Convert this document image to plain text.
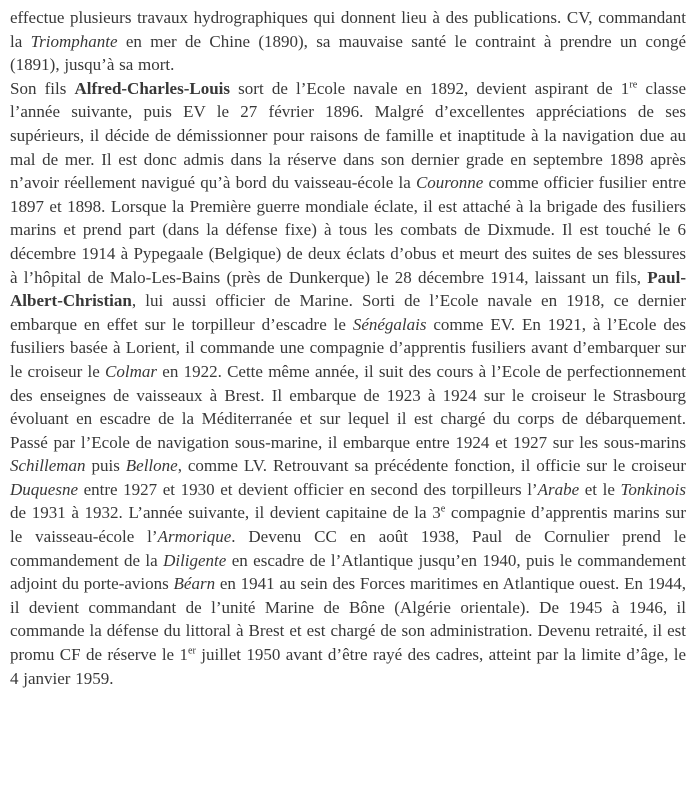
effectue plusieurs travaux hydrographiques qui donnent lieu à des publications. CV, commandant la Triomphante en mer de Chine (1890), sa mauvaise santé le contraint à prendre un congé (1891), jusqu’à sa mort.

Son fils Alfred-Charles-Louis sort de l’Ecole navale en 1892, devient aspirant de 1re classe l’année suivante, puis EV le 27 février 1896. Malgré d’excellentes appréciations de ses supérieurs, il décide de démissionner pour raisons de famille et inaptitude à la navigation due au mal de mer. Il est donc admis dans la réserve dans son dernier grade en septembre 1898 après n’avoir réellement navigué qu’à bord du vaisseau-école la Couronne comme officier fusilier entre 1897 et 1898. Lorsque la Première guerre mondiale éclate, il est attaché à la brigade des fusiliers marins et prend part (dans la défense fixe) à tous les combats de Dixmude. Il est touché le 6 décembre 1914 à Pypegaale (Belgique) de deux éclats d’obus et meurt des suites de ses blessures à l’hôpital de Malo-Les-Bains (près de Dunkerque) le 28 décembre 1914, laissant un fils, Paul-Albert-Christian, lui aussi officier de Marine. Sorti de l’Ecole navale en 1918, ce dernier embarque en effet sur le torpilleur d’escadre le Sénégalais comme EV. En 1921, à l’Ecole des fusiliers basée à Lorient, il commande une compagnie d’apprentis fusiliers avant d’embarquer sur le croiseur le Colmar en 1922. Cette même année, il suit des cours à l’Ecole de perfectionnement des enseignes de vaisseaux à Brest. Il embarque de 1923 à 1924 sur le croiseur le Strasbourg évoluant en escadre de la Méditerranée et sur lequel il est chargé du corps de débarquement. Passé par l’Ecole de navigation sous-marine, il embarque entre 1924 et 1927 sur les sous-marins Schilleman puis Bellone, comme LV. Retrouvant sa précédente fonction, il officie sur le croiseur Duquesne entre 1927 et 1930 et devient officier en second des torpilleurs l’Arabe et le Tonkinois de 1931 à 1932. L’année suivante, il devient capitaine de la 3e compagnie d’apprentis marins sur le vaisseau-école l’Armorique. Devenu CC en août 1938, Paul de Cornulier prend le commandement de la Diligente en escadre de l’Atlantique jusqu’en 1940, puis le commandement adjoint du porte-avions Béarn en 1941 au sein des Forces maritimes en Atlantique ouest. En 1944, il devient commandant de l’unité Marine de Bône (Algérie orientale). De 1945 à 1946, il commande la défense du littoral à Brest et est chargé de son administration. Devenu retraité, il est promu CF de réserve le 1er juillet 1950 avant d’être rayé des cadres, atteint par la limite d’âge, le 4 janvier 1959.
